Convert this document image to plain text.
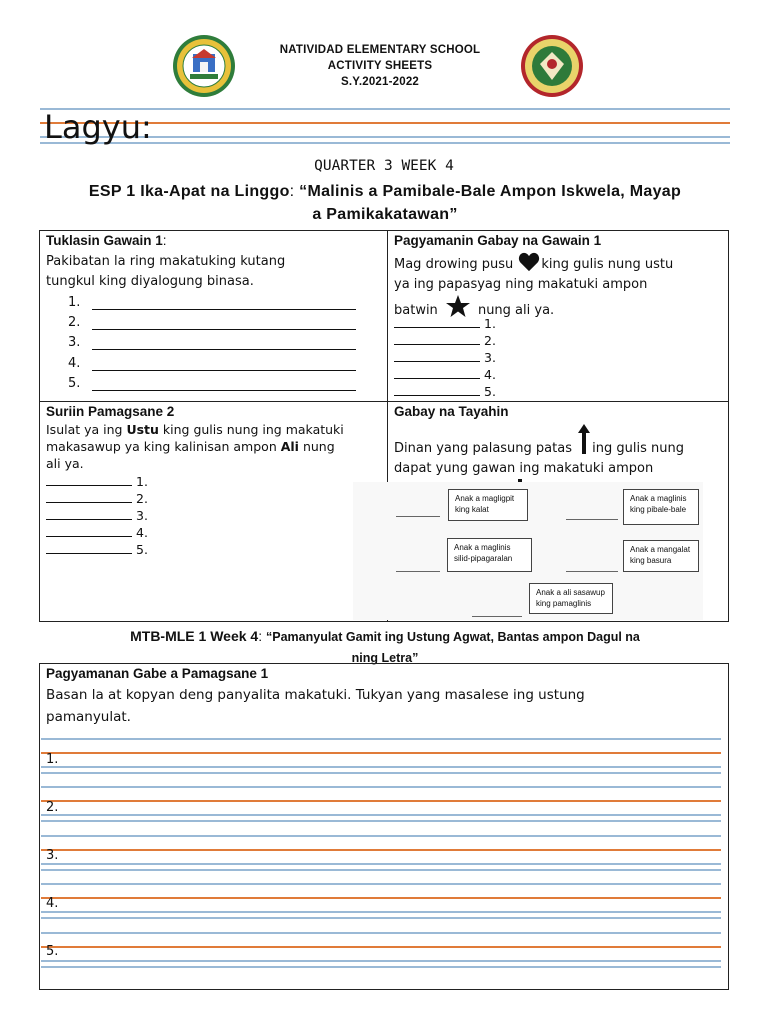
NATIVIDAD ELEMENTARY SCHOOL
ACTIVITY SHEETS
S.Y.2021-2022
Lagyu:
QUARTER 3 WEEK 4
ESP 1 Ika-Apat na Linggo: “Malinis a Pamibale-Bale Ampon Iskwela, Mayap
a Pamikakatawan”
Tuklasin Gawain 1:
Pakibatan la ring makatuking kutang
tungkul king diyalogung binasa.
1.
2.
3.
4.
5.
Pagyamanin Gabay na Gawain 1
Mag drowing pusu king gulis nung ustu
ya ing papasyag ning makatuki ampon
batwin	nung ali ya.
1.
2.
3.
4.
5.
Suriin Pamagsane 2
Isulat ya ing Ustu king gulis nung ing makatuki
makasawup ya king kalinisan ampon Ali nung
ali ya.
1.
2.
3.
4.
5.
Gabay na Tayahin
Dinan yang palasung patas ing gulis nung
dapat yung gawan ing makatuki ampon
Anak a magligpit
king kalat
Anak a maglinis
king pibale-bale
Anak a maglinis
silid-pipagaralan
Anak a mangalat
king basura
Anak a ali sasawup
king pamaglinis
MTB-MLE 1 Week 4: “Pamanyulat Gamit ing Ustung Agwat, Bantas ampon Dagul na
ning Letra”
Pagyamanan Gabe a Pamagsane 1
Basan la at kopyan deng panyalita makatuki. Tukyan yang masalese ing ustung
pamanyulat.
1.
2.
3.
4.
5.
